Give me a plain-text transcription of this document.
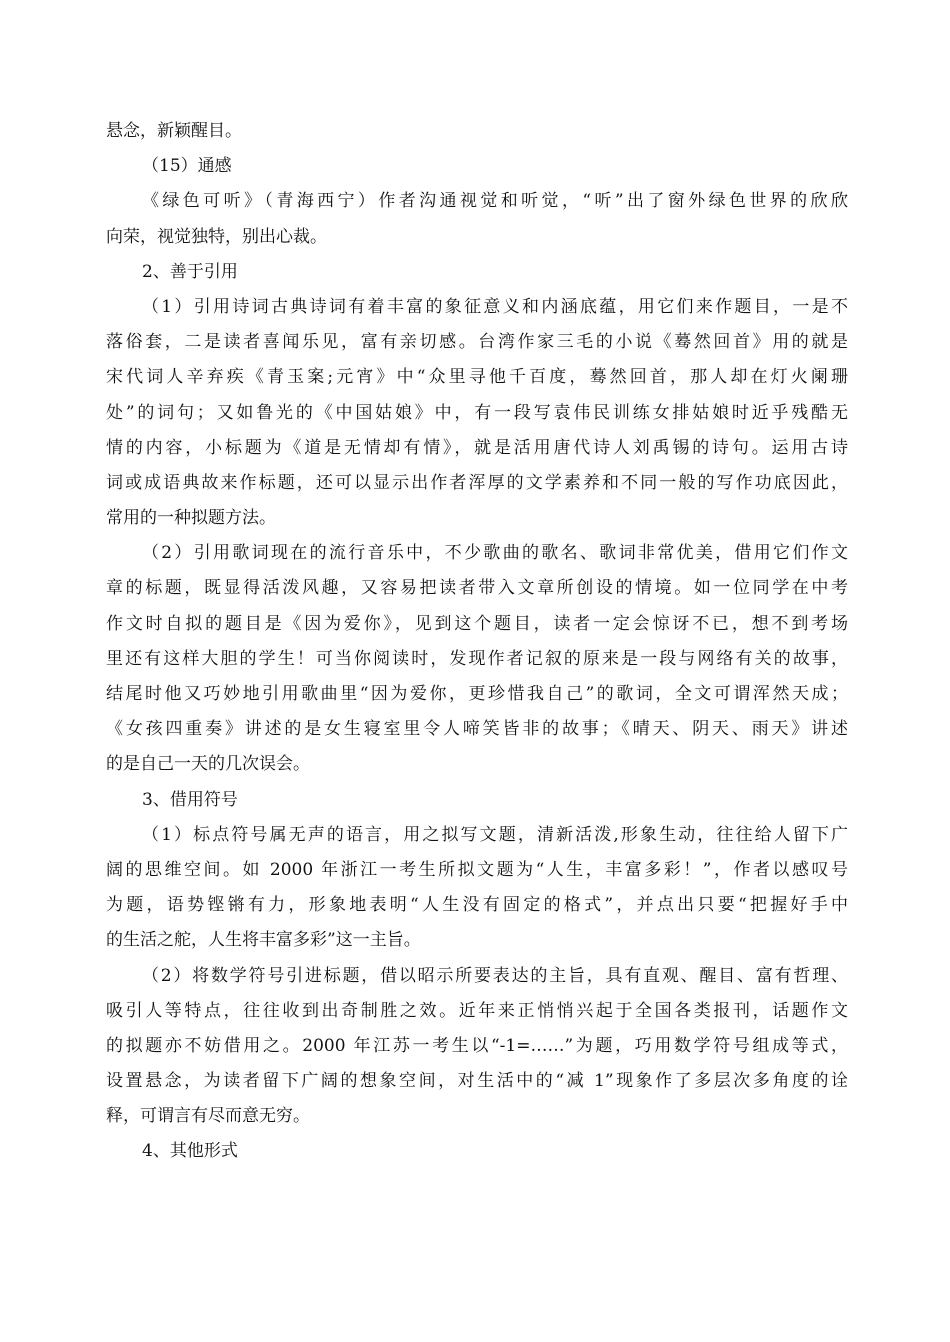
悬念，新颖醒目。
（15）通感
《绿色可听》（青海西宁）作者沟通视觉和听觉，“听”出了窗外绿色世界的欣欣
向荣，视觉独特，别出心裁。
2、善于引用
（1）引用诗词古典诗词有着丰富的象征意义和内涵底蕴，用它们来作题目，一是不
落俗套，二是读者喜闻乐见，富有亲切感。台湾作家三毛的小说《蓦然回首》用的就是
宋代词人辛弃疾《青玉案;元宵》中“众里寻他千百度，蓦然回首，那人却在灯火阑珊
处”的词句；又如鲁光的《中国姑娘》中，有一段写袁伟民训练女排姑娘时近乎残酷无
情的内容，小标题为《道是无情却有情》，就是活用唐代诗人刘禹锡的诗句。运用古诗
词或成语典故来作标题，还可以显示出作者浑厚的文学素养和不同一般的写作功底因此，
常用的一种拟题方法。
（2）引用歌词现在的流行音乐中，不少歌曲的歌名、歌词非常优美，借用它们作文
章的标题，既显得活泼风趣，又容易把读者带入文章所创设的情境。如一位同学在中考
作文时自拟的题目是《因为爱你》，见到这个题目，读者一定会惊讶不已，想不到考场
里还有这样大胆的学生！可当你阅读时，发现作者记叙的原来是一段与网络有关的故事，
结尾时他又巧妙地引用歌曲里“因为爱你，更珍惜我自己”的歌词，全文可谓浑然天成；
《女孩四重奏》讲述的是女生寝室里令人啼笑皆非的故事；《晴天、阴天、雨天》讲述
的是自己一天的几次误会。
3、借用符号
（1）标点符号属无声的语言，用之拟写文题，清新活泼,形象生动，往往给人留下广
阔的思维空间。如 2000 年浙江一考生所拟文题为“人生，丰富多彩！”，作者以感叹号
为题，语势铿锵有力，形象地表明“人生没有固定的格式”，并点出只要“把握好手中
的生活之舵，人生将丰富多彩”这一主旨。
（2）将数学符号引进标题，借以昭示所要表达的主旨，具有直观、醒目、富有哲理、
吸引人等特点，往往收到出奇制胜之效。近年来正悄悄兴起于全国各类报刊，话题作文
的拟题亦不妨借用之。2000 年江苏一考生以“-1=……”为题，巧用数学符号组成等式，
设置悬念，为读者留下广阔的想象空间，对生活中的“减 1”现象作了多层次多角度的诠
释，可谓言有尽而意无穷。
4、其他形式
